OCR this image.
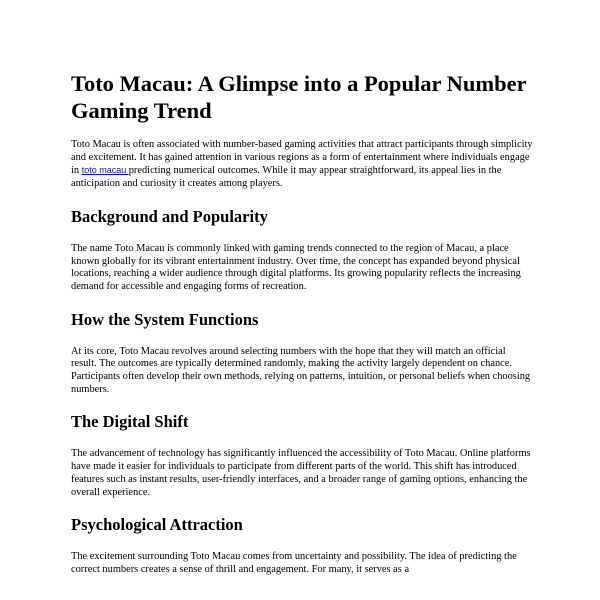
Toto Macau: A Glimpse into a Popular Number Gaming Trend

Toto Macau is often associated with number-based gaming activities that attract participants through simplicity and excitement. It has gained attention in various regions as a form of entertainment where individuals engage in toto macau predicting numerical outcomes. While it may appear straightforward, its appeal lies in the anticipation and curiosity it creates among players.

Background and Popularity

The name Toto Macau is commonly linked with gaming trends connected to the region of Macau, a place known globally for its vibrant entertainment industry. Over time, the concept has expanded beyond physical locations, reaching a wider audience through digital platforms. Its growing popularity reflects the increasing demand for accessible and engaging forms of recreation.

How the System Functions

At its core, Toto Macau revolves around selecting numbers with the hope that they will match an official result. The outcomes are typically determined randomly, making the activity largely dependent on chance. Participants often develop their own methods, relying on patterns, intuition, or personal beliefs when choosing numbers.

The Digital Shift

The advancement of technology has significantly influenced the accessibility of Toto Macau. Online platforms have made it easier for individuals to participate from different parts of the world. This shift has introduced features such as instant results, user-friendly interfaces, and a broader range of gaming options, enhancing the overall experience.

Psychological Attraction

The excitement surrounding Toto Macau comes from uncertainty and possibility. The idea of predicting the correct numbers creates a sense of thrill and engagement. For many, it serves as a
